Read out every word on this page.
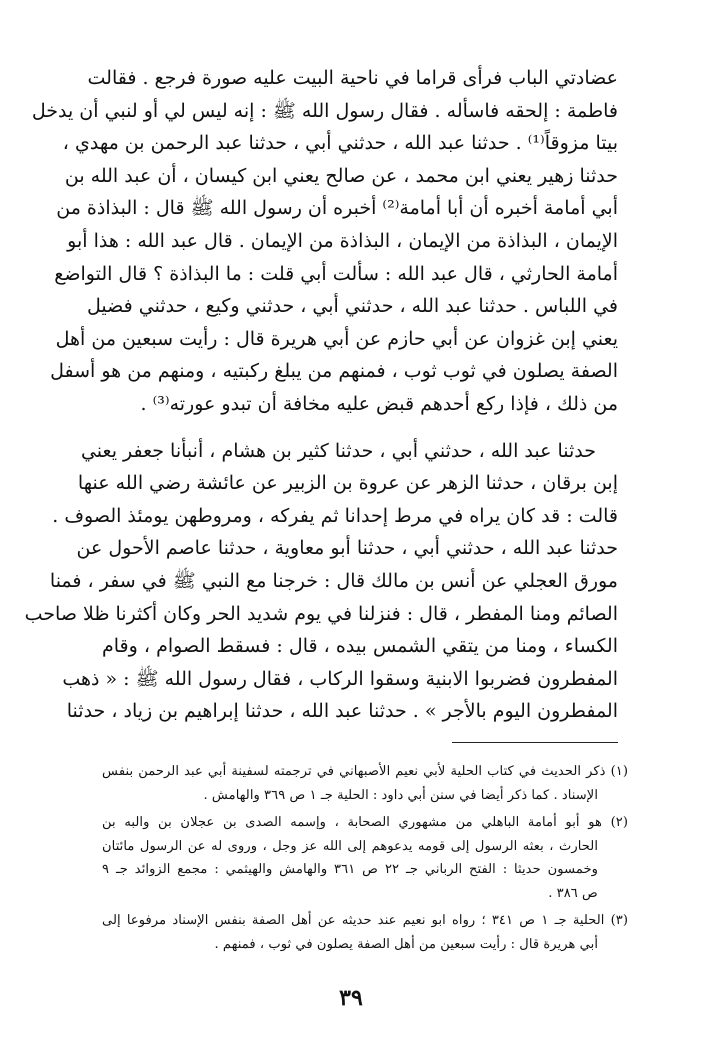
عضادتي الباب فرأى قراما في ناحية البيت عليه صورة فرجع . فقالت
فاطمة : إلحقه فاسأله . فقال رسول الله ﷺ : إنه ليس لي أو لنبي أن يدخل
بيتا مزوقاً⁽¹⁾ . حدثنا عبد الله ، حدثني أبي ، حدثنا عبد الرحمن بن مهدي ،
حدثنا زهير يعني ابن محمد ، عن صالح يعني ابن كيسان ، أن عبد الله بن
أبي أمامة أخبره أن أبا أمامة⁽²⁾ أخبره أن رسول الله ﷺ قال : البذاذة من
الإيمان ، البذاذة من الإيمان ، البذاذة من الإيمان . قال عبد الله : هذا أبو
أمامة الحارثي ، قال عبد الله : سألت أبي قلت : ما البذاذة ؟ قال التواضع
في اللباس . حدثنا عبد الله ، حدثني أبي ، حدثني وكيع ، حدثني فضيل
يعني إبن غزوان عن أبي حازم عن أبي هريرة قال : رأيت سبعين من أهل
الصفة يصلون في ثوب ثوب ، فمنهم من يبلغ ركبتيه ، ومنهم من هو أسفل
من ذلك ، فإذا ركع أحدهم قبض عليه مخافة أن تبدو عورته⁽³⁾ .
حدثنا عبد الله ، حدثني أبي ، حدثنا كثير بن هشام ، أنبأنا جعفر يعني
إبن برقان ، حدثنا الزهر عن عروة بن الزبير عن عائشة رضي الله عنها
قالت : قد كان يراه في مرط إحدانا ثم يفركه ، ومروطهن يومئذ الصوف .
حدثنا عبد الله ، حدثني أبي ، حدثنا أبو معاوية ، حدثنا عاصم الأحول عن
مورق العجلي عن أنس بن مالك قال : خرجنا مع النبي ﷺ في سفر ، فمنا
الصائم ومنا المفطر ، قال : فنزلنا في يوم شديد الحر وكان أكثرنا ظلا صاحب
الكساء ، ومنا من يتقي الشمس بيده ، قال : فسقط الصوام ، وقام
المفطرون فضربوا الابنية وسقوا الركاب ، فقال رسول الله ﷺ : « ذهب
المفطرون اليوم بالأجر » . حدثنا عبد الله ، حدثنا إبراهيم بن زياد ، حدثنا
(١) ذكر الحديث في كتاب الحلية لأبي نعيم الأصبهاني في ترجمته لسفينة أبي عبد الرحمن بنفس
الإسناد . كما ذكر أيضا في سنن أبي داود : الحلية جـ ١ ص ٣٦٩ والهامش .
(٢) هو أبو أمامة الباهلي من مشهوري الصحابة ، وإسمه الصدى بن عجلان بن والبه بن
الحارث ، بعثه الرسول إلى قومه يدعوهم إلى الله عز وجل ، وروى له عن الرسول مائتان
وخمسون حديثا : الفتح الرباني جـ ٢٢ ص ٣٦١ والهامش والهيثمي : مجمع الزوائد جـ ٩
ص ٣٨٦ .
(٣) الحلية جـ ١ ص ٣٤١ ؛ رواه ابو نعيم عند حديثه عن أهل الصفة بنفس الإسناد مرفوعا إلى
أبي هريرة قال : رأيت سبعين من أهل الصفة يصلون في ثوب ، فمنهم .
٣٩
